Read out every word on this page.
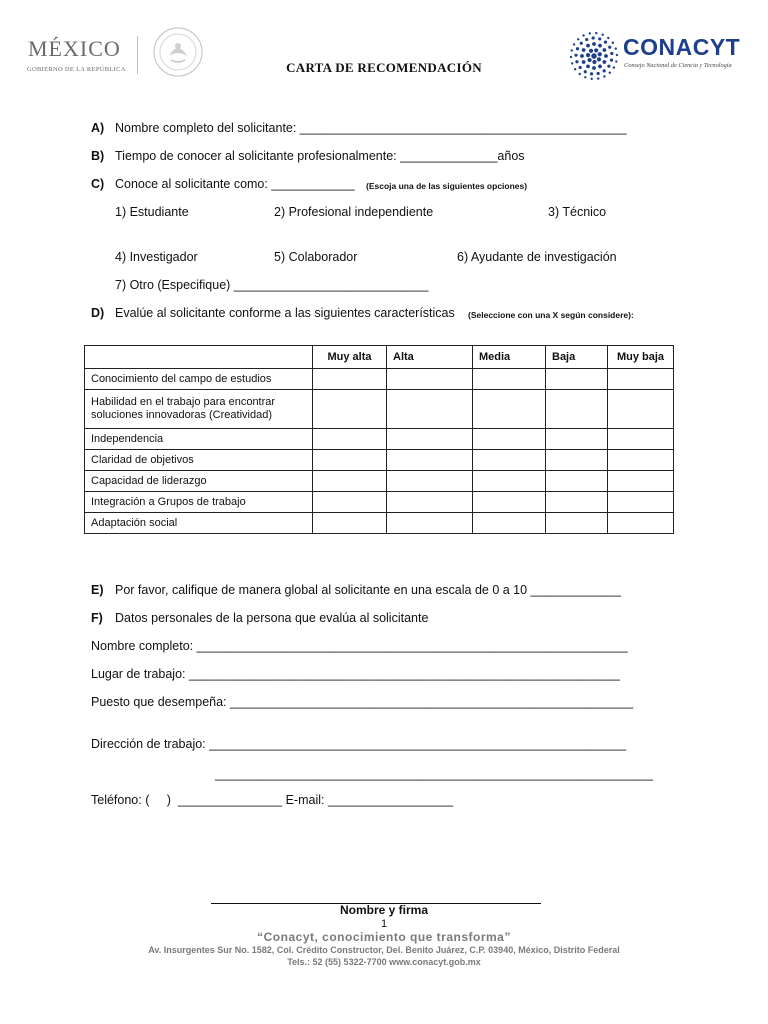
MÉXICO
GOBIERNO DE LA REPÚBLICA	CARTA DE RECOMENDACIÓN
CONACYT
Consejo Nacional de Ciencia y Tecnología
A) Nombre completo del solicitante: _______________________________________________
B) Tiempo de conocer al solicitante profesionalmente: ______________años
C) Conoce al solicitante como: ____________ (Escoja una de las siguientes opciones)
1) Estudiante	2) Profesional independiente	3) Técnico
4) Investigador	5) Colaborador	6) Ayudante de investigación
7) Otro (Especifique) ____________________________
D) Evalúe al solicitante conforme a las siguientes características (Seleccione con una X según considere):
	Muy alta	Alta	Media	Baja	Muy baja
Conocimiento del campo de estudios					
Habilidad en el trabajo para encontrar soluciones innovadoras (Creatividad)					
Independencia					
Claridad de objetivos					
Capacidad de liderazgo					
Integración a Grupos de trabajo					
Adaptación social					
E) Por favor, califique de manera global al solicitante en una escala de 0 a 10 _____________
F) Datos personales de la persona que evalúa al solicitante
Nombre completo: ______________________________________________________________
Lugar de trabajo: ______________________________________________________________
Puesto que desempeña: __________________________________________________________
Dirección de trabajo: ____________________________________________________________
_______________________________________________________________
Teléfono: (     )  _______________ E-mail: __________________
Nombre y firma
1
“Conacyt, conocimiento que transforma”
Av. Insurgentes Sur No. 1582, Col. Crédito Constructor, Del. Benito Juárez, C.P. 03940, México, Distrito Federal
Tels.: 52 (55) 5322-7700 www.conacyt.gob.mx
